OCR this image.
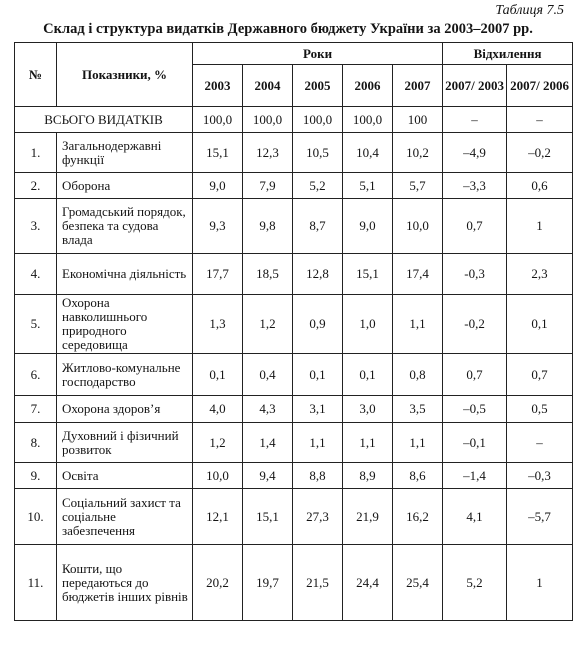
Таблиця 7.5
Склад і структура видатків Державного бюджету України за 2003–2007 рр.
№	Показники, %	Роки					Відхилення	
		2003	2004	2005	2006	2007	2007/ 2003	2007/ 2006
ВСЬОГО ВИДАТКІВ		100,0	100,0	100,0	100,0	100	–	–
1.	Загальнодержавні функції	15,1	12,3	10,5	10,4	10,2	–4,9	–0,2
2.	Оборона	9,0	7,9	5,2	5,1	5,7	–3,3	0,6
3.	Громадський порядок, безпека та судова влада	9,3	9,8	8,7	9,0	10,0	0,7	1
4.	Економічна діяльність	17,7	18,5	12,8	15,1	17,4	-0,3	2,3
5.	Охорона навколишнього природного середовища	1,3	1,2	0,9	1,0	1,1	-0,2	0,1
6.	Житлово-комунальне господарство	0,1	0,4	0,1	0,1	0,8	0,7	0,7
7.	Охорона здоров’я	4,0	4,3	3,1	3,0	3,5	–0,5	0,5
8.	Духовний і фізичний розвиток	1,2	1,4	1,1	1,1	1,1	–0,1	–
9.	Освіта	10,0	9,4	8,8	8,9	8,6	–1,4	–0,3
10.	Соціальний захист та соціальне забезпечення	12,1	15,1	27,3	21,9	16,2	4,1	–5,7
11.	Кошти, що передаються до бюджетів інших рівнів	20,2	19,7	21,5	24,4	25,4	5,2	1
